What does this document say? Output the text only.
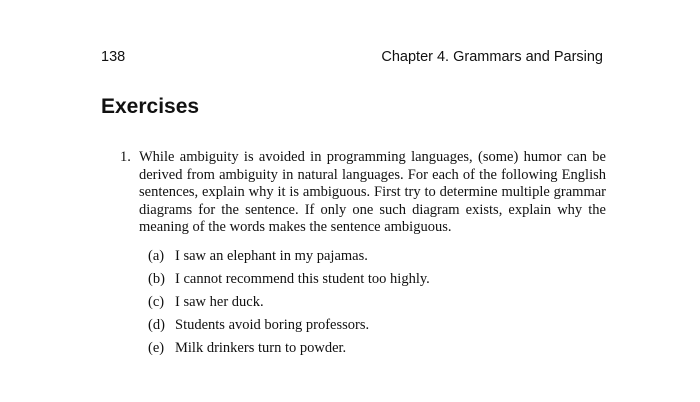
138	Chapter 4. Grammars and Parsing
Exercises
1. While ambiguity is avoided in programming languages, (some) humor can be derived from ambiguity in natural languages. For each of the following English sentences, explain why it is ambiguous. First try to determine multiple grammar diagrams for the sentence. If only one such diagram exists, explain why the meaning of the words makes the sentence ambiguous.

(a) I saw an elephant in my pajamas.
(b) I cannot recommend this student too highly.
(c) I saw her duck.
(d) Students avoid boring professors.
(e) Milk drinkers turn to powder.
